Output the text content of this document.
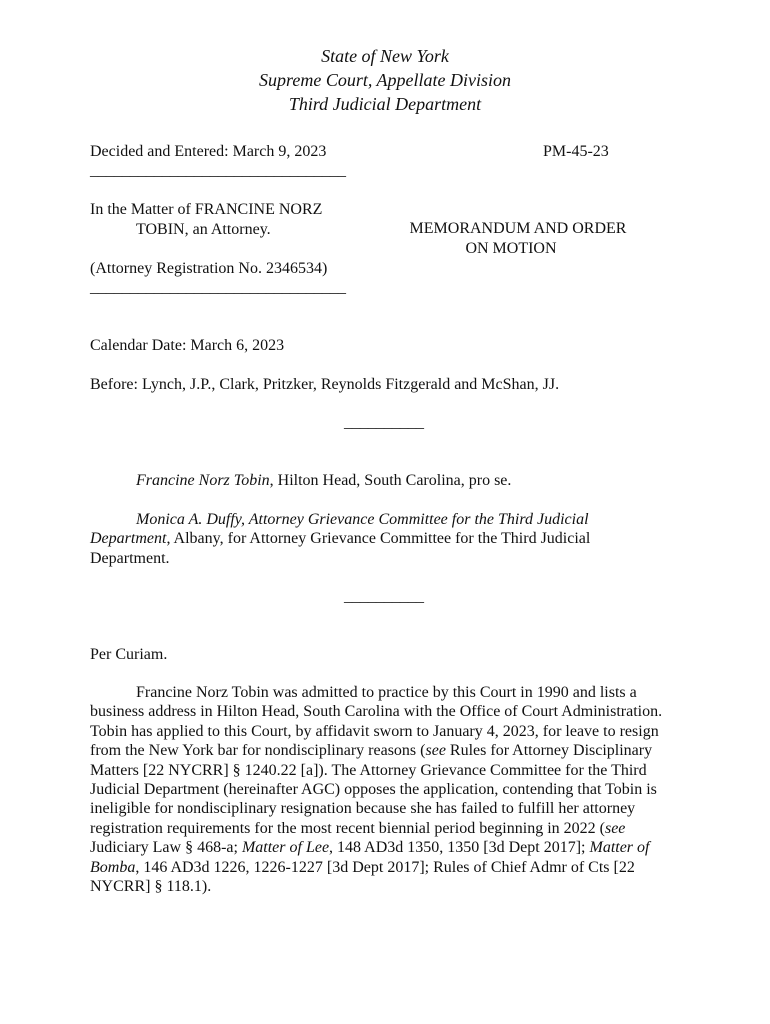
State of New York
Supreme Court, Appellate Division
Third Judicial Department
Decided and Entered: March 9, 2023	PM-45-23
________________________________
In the Matter of FRANCINE NORZ
TOBIN, an Attorney.
(Attorney Registration No. 2346534)
________________________________
MEMORANDUM AND ORDER
ON MOTION
Calendar Date: March 6, 2023
Before: Lynch, J.P., Clark, Pritzker, Reynolds Fitzgerald and McShan, JJ.
__________
Francine Norz Tobin, Hilton Head, South Carolina, pro se.
Monica A. Duffy, Attorney Grievance Committee for the Third Judicial
Department, Albany, for Attorney Grievance Committee for the Third Judicial
Department.
__________
Per Curiam.
Francine Norz Tobin was admitted to practice by this Court in 1990 and lists a
business address in Hilton Head, South Carolina with the Office of Court Administration.
Tobin has applied to this Court, by affidavit sworn to January 4, 2023, for leave to resign
from the New York bar for nondisciplinary reasons (see Rules for Attorney Disciplinary
Matters [22 NYCRR] § 1240.22 [a]). The Attorney Grievance Committee for the Third
Judicial Department (hereinafter AGC) opposes the application, contending that Tobin is
ineligible for nondisciplinary resignation because she has failed to fulfill her attorney
registration requirements for the most recent biennial period beginning in 2022 (see
Judiciary Law § 468-a; Matter of Lee, 148 AD3d 1350, 1350 [3d Dept 2017]; Matter of
Bomba, 146 AD3d 1226, 1226-1227 [3d Dept 2017]; Rules of Chief Admr of Cts [22
NYCRR] § 118.1).
